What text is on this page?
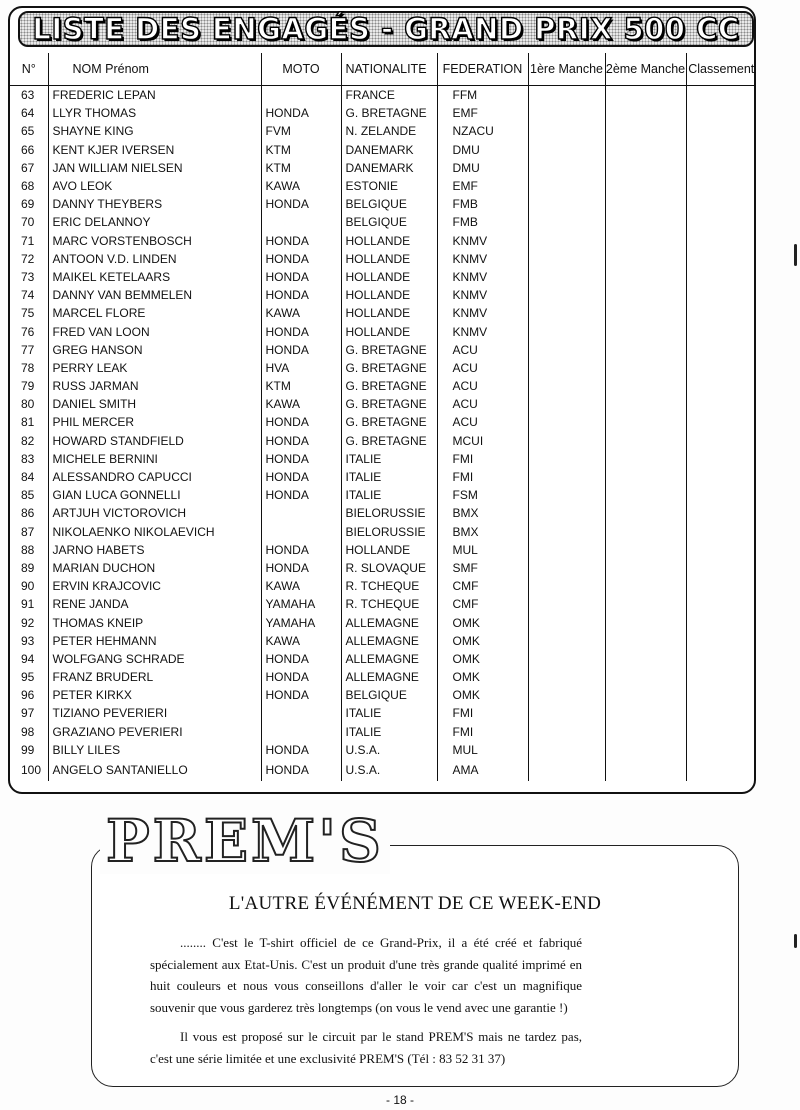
LISTE DES ENGAGÉS - GRAND PRIX 500 CC
N°	NOM Prénom	MOTO	NATIONALITE	FEDERATION	1ère Manche	2ème Manche	Classement
63	FREDERIC LEPAN		FRANCE	FFM			
64	LLYR THOMAS	HONDA	G. BRETAGNE	EMF			
65	SHAYNE KING	FVM	N. ZELANDE	NZACU			
66	KENT KJER IVERSEN	KTM	DANEMARK	DMU			
67	JAN WILLIAM NIELSEN	KTM	DANEMARK	DMU			
68	AVO LEOK	KAWA	ESTONIE	EMF			
69	DANNY THEYBERS	HONDA	BELGIQUE	FMB			
70	ERIC DELANNOY		BELGIQUE	FMB			
71	MARC VORSTENBOSCH	HONDA	HOLLANDE	KNMV			
72	ANTOON V.D. LINDEN	HONDA	HOLLANDE	KNMV			
73	MAIKEL KETELAARS	HONDA	HOLLANDE	KNMV			
74	DANNY VAN BEMMELEN	HONDA	HOLLANDE	KNMV			
75	MARCEL FLORE	KAWA	HOLLANDE	KNMV			
76	FRED VAN LOON	HONDA	HOLLANDE	KNMV			
77	GREG HANSON	HONDA	G. BRETAGNE	ACU			
78	PERRY LEAK	HVA	G. BRETAGNE	ACU			
79	RUSS JARMAN	KTM	G. BRETAGNE	ACU			
80	DANIEL SMITH	KAWA	G. BRETAGNE	ACU			
81	PHIL MERCER	HONDA	G. BRETAGNE	ACU			
82	HOWARD STANDFIELD	HONDA	G. BRETAGNE	MCUI			
83	MICHELE BERNINI	HONDA	ITALIE	FMI			
84	ALESSANDRO CAPUCCI	HONDA	ITALIE	FMI			
85	GIAN LUCA GONNELLI	HONDA	ITALIE	FSM			
86	ARTJUH VICTOROVICH		BIELORUSSIE	BMX			
87	NIKOLAENKO NIKOLAEVICH		BIELORUSSIE	BMX			
88	JARNO HABETS	HONDA	HOLLANDE	MUL			
89	MARIAN DUCHON	HONDA	R. SLOVAQUE	SMF			
90	ERVIN KRAJCOVIC	KAWA	R. TCHEQUE	CMF			
91	RENE JANDA	YAMAHA	R. TCHEQUE	CMF			
92	THOMAS KNEIP	YAMAHA	ALLEMAGNE	OMK			
93	PETER HEHMANN	KAWA	ALLEMAGNE	OMK			
94	WOLFGANG SCHRADE	HONDA	ALLEMAGNE	OMK			
95	FRANZ BRUDERL	HONDA	ALLEMAGNE	OMK			
96	PETER KIRKX	HONDA	BELGIQUE	OMK			
97	TIZIANO PEVERIERI		ITALIE	FMI			
98	GRAZIANO PEVERIERI		ITALIE	FMI			
99	BILLY LILES	HONDA	U.S.A.	MUL			
100	ANGELO SANTANIELLO	HONDA	U.S.A.	AMA			
PREM'S
L'AUTRE ÉVÉNÉMENT DE CE WEEK-END

........ C'est le T-shirt officiel de ce Grand-Prix, il a été créé et fabriqué spécialement aux Etat-Unis. C'est un produit d'une très grande qualité imprimé en huit couleurs et nous vous conseillons d'aller le voir car c'est un magnifique souvenir que vous garderez très longtemps (on vous le vend avec une garantie !)

Il vous est proposé sur le circuit par le stand PREM'S mais ne tardez pas, c'est une série limitée et une exclusivité PREM'S (Tél : 83 52 31 37)

- 18 -
